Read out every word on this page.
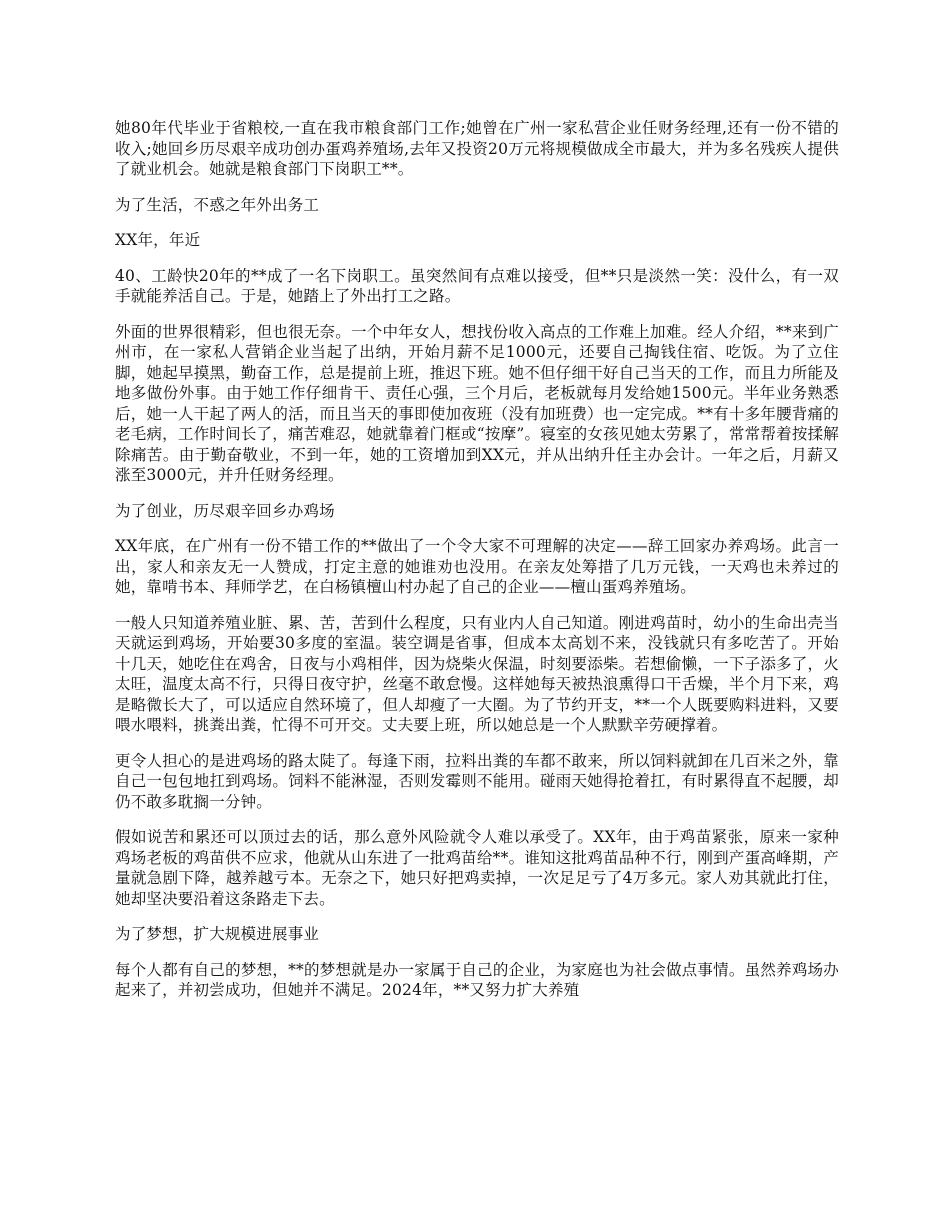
她80年代毕业于省粮校,一直在我市粮食部门工作;她曾在广州一家私营企业任财务经理,还有一份不错的收入;她回乡历尽艰辛成功创办蛋鸡养殖场,去年又投资20万元将规模做成全市最大，并为多名残疾人提供了就业机会。她就是粮食部门下岗职工**。

为了生活，不惑之年外出务工

XX年，年近

40、工龄快20年的**成了一名下岗职工。虽突然间有点难以接受，但**只是淡然一笑：没什么，有一双手就能养活自己。于是，她踏上了外出打工之路。

外面的世界很精彩，但也很无奈。一个中年女人，想找份收入高点的工作难上加难。经人介绍，**来到广州市，在一家私人营销企业当起了出纳，开始月薪不足1000元，还要自己掏钱住宿、吃饭。为了立住脚，她起早摸黑，勤奋工作，总是提前上班，推迟下班。她不但仔细干好自己当天的工作，而且力所能及地多做份外事。由于她工作仔细肯干、责任心强，三个月后，老板就每月发给她1500元。半年业务熟悉后，她一人干起了两人的活，而且当天的事即使加夜班（没有加班费）也一定完成。**有十多年腰背痛的老毛病，工作时间长了，痛苦难忍，她就靠着门框或“按摩”。寝室的女孩见她太劳累了，常常帮着按揉解除痛苦。由于勤奋敬业，不到一年，她的工资增加到XX元，并从出纳升任主办会计。一年之后，月薪又涨至3000元，并升任财务经理。

为了创业，历尽艰辛回乡办鸡场

XX年底，在广州有一份不错工作的**做出了一个令大家不可理解的决定——辞工回家办养鸡场。此言一出，家人和亲友无一人赞成，打定主意的她谁劝也没用。在亲友处筹措了几万元钱，一天鸡也未养过的她，靠啃书本、拜师学艺，在白杨镇檀山村办起了自己的企业——檀山蛋鸡养殖场。

一般人只知道养殖业脏、累、苦，苦到什么程度，只有业内人自己知道。刚进鸡苗时，幼小的生命出壳当天就运到鸡场，开始要30多度的室温。装空调是省事，但成本太高划不来，没钱就只有多吃苦了。开始十几天，她吃住在鸡舍，日夜与小鸡相伴，因为烧柴火保温，时刻要添柴。若想偷懒，一下子添多了，火太旺，温度太高不行，只得日夜守护，丝毫不敢怠慢。这样她每天被热浪熏得口干舌燥，半个月下来，鸡是略微长大了，可以适应自然环境了，但人却瘦了一大圈。为了节约开支，**一个人既要购料进料，又要喂水喂料，挑粪出粪，忙得不可开交。丈夫要上班，所以她总是一个人默默辛劳硬撑着。

更令人担心的是进鸡场的路太陡了。每逢下雨，拉料出粪的车都不敢来，所以饲料就卸在几百米之外，靠自己一包包地扛到鸡场。饲料不能淋湿，否则发霉则不能用。碰雨天她得抢着扛，有时累得直不起腰，却仍不敢多耽搁一分钟。

假如说苦和累还可以顶过去的话，那么意外风险就令人难以承受了。XX年，由于鸡苗紧张，原来一家种鸡场老板的鸡苗供不应求，他就从山东进了一批鸡苗给**。谁知这批鸡苗品种不行，刚到产蛋高峰期，产量就急剧下降，越养越亏本。无奈之下，她只好把鸡卖掉，一次足足亏了4万多元。家人劝其就此打住，她却坚决要沿着这条路走下去。

为了梦想，扩大规模进展事业

每个人都有自己的梦想，**的梦想就是办一家属于自己的企业，为家庭也为社会做点事情。虽然养鸡场办起来了，并初尝成功，但她并不满足。2024年，**又努力扩大养殖
